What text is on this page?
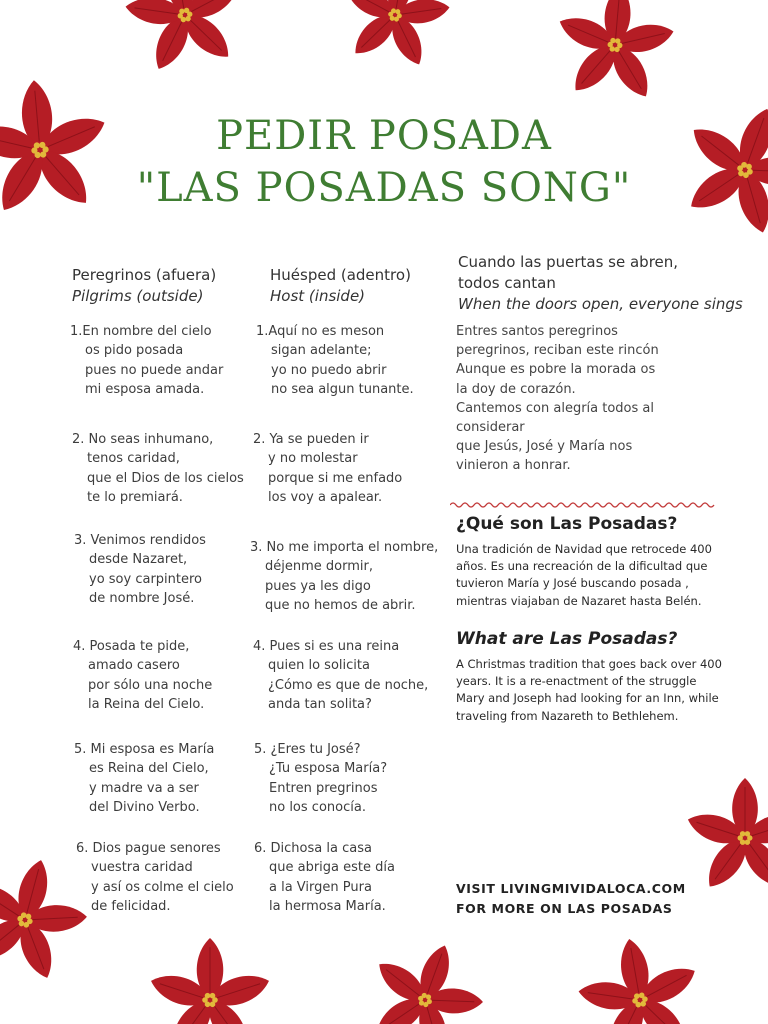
PEDIR POSADA
"LAS POSADAS SONG"
Peregrinos (afuera)
Pilgrims (outside)
Huésped (adentro)
Host (inside)
Cuando las puertas se abren,
todos cantan
When the doors open, everyone sings
1.En nombre del cielo
os pido posada
pues no puede andar
mi esposa amada.
2. No seas inhumano,
tenos caridad,
que el Dios de los cielos
te lo premiará.
3. Venimos rendidos
desde Nazaret,
yo soy carpintero
de nombre José.
4. Posada te pide,
amado casero
por sólo una noche
la Reina del Cielo.
5. Mi esposa es María
es Reina del Cielo,
y madre va a ser
del Divino Verbo.
6. Dios pague senores
vuestra caridad
y así os colme el cielo
de felicidad.
1.Aquí no es meson
sigan adelante;
yo no puedo abrir
no sea algun tunante.
2. Ya se pueden ir
y no molestar
porque si me enfado
los voy a apalear.
3. No me importa el nombre,
déjenme dormir,
pues ya les digo
que no hemos de abrir.
4. Pues si es una reina
quien lo solicita
¿Cómo es que de noche,
anda tan solita?
5. ¿Eres tu José?
¿Tu esposa María?
Entren pregrinos
no los conocía.
6. Dichosa la casa
que abriga este día
a la Virgen Pura
la hermosa María.
Entres santos peregrinos
peregrinos, reciban este rincón
Aunque es pobre la morada os
la doy de corazón.
Cantemos con alegría todos al
considerar
que Jesús, José y María nos
vinieron a honrar.
¿Qué son Las Posadas?
Una tradición de Navidad que retrocede 400
años. Es una recreación de la dificultad que
tuvieron María y José buscando posada ,
mientras viajaban de Nazaret hasta Belén.
What are Las Posadas?
A Christmas tradition that goes back over 400
years. It is a re-enactment of the struggle
Mary and Joseph had looking for an Inn, while
traveling from Nazareth to Bethlehem.
VISIT LIVINGMIVIDALOCA.COM
FOR MORE ON LAS POSADAS
